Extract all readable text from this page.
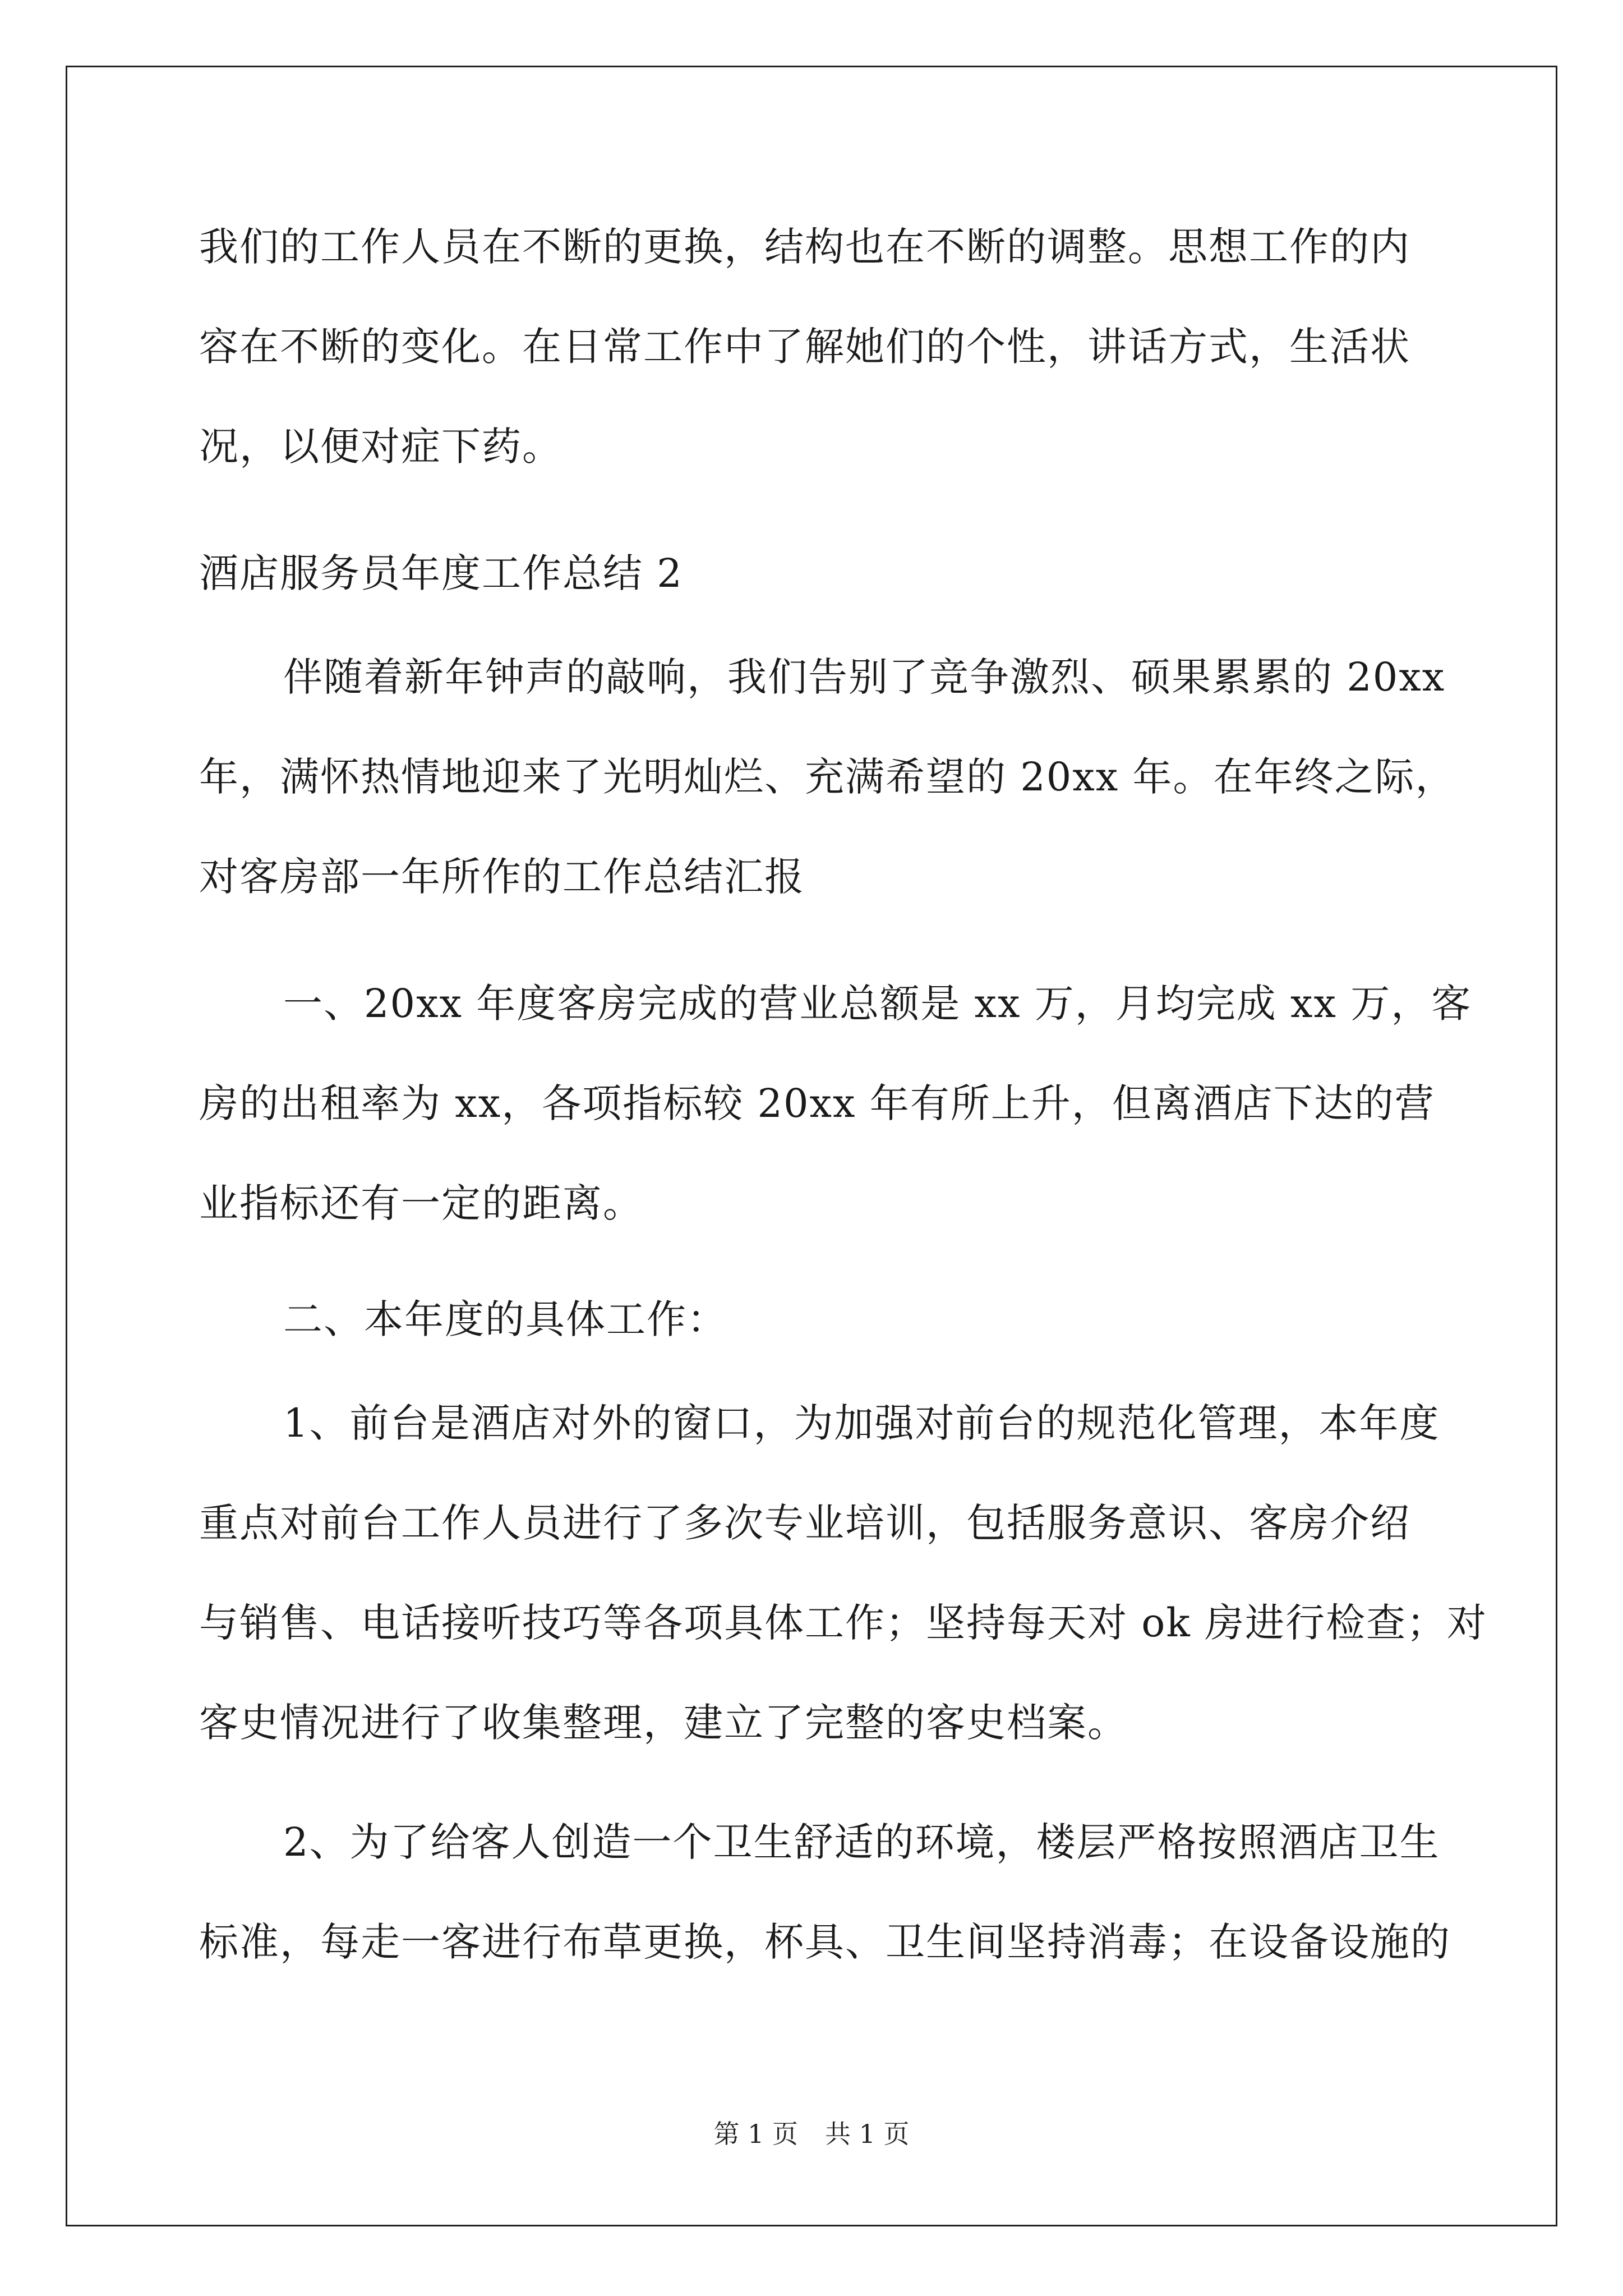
我们的工作人员在不断的更换，结构也在不断的调整。思想工作的内
容在不断的变化。在日常工作中了解她们的个性，讲话方式，生活状
况，以便对症下药。
酒店服务员年度工作总结 2
伴随着新年钟声的敲响，我们告别了竞争激烈、硕果累累的 20xx
年，满怀热情地迎来了光明灿烂、充满希望的 20xx 年。在年终之际，
对客房部一年所作的工作总结汇报
一、20xx 年度客房完成的营业总额是 xx 万，月均完成 xx 万，客
房的出租率为 xx，各项指标较 20xx 年有所上升，但离酒店下达的营
业指标还有一定的距离。
二、本年度的具体工作：
1、前台是酒店对外的窗口，为加强对前台的规范化管理，本年度
重点对前台工作人员进行了多次专业培训，包括服务意识、客房介绍
与销售、电话接听技巧等各项具体工作；坚持每天对 ok 房进行检查；对
客史情况进行了收集整理，建立了完整的客史档案。
2、为了给客人创造一个卫生舒适的环境，楼层严格按照酒店卫生
标准，每走一客进行布草更换，杯具、卫生间坚持消毒；在设备设施的
第 1 页 共 1 页
